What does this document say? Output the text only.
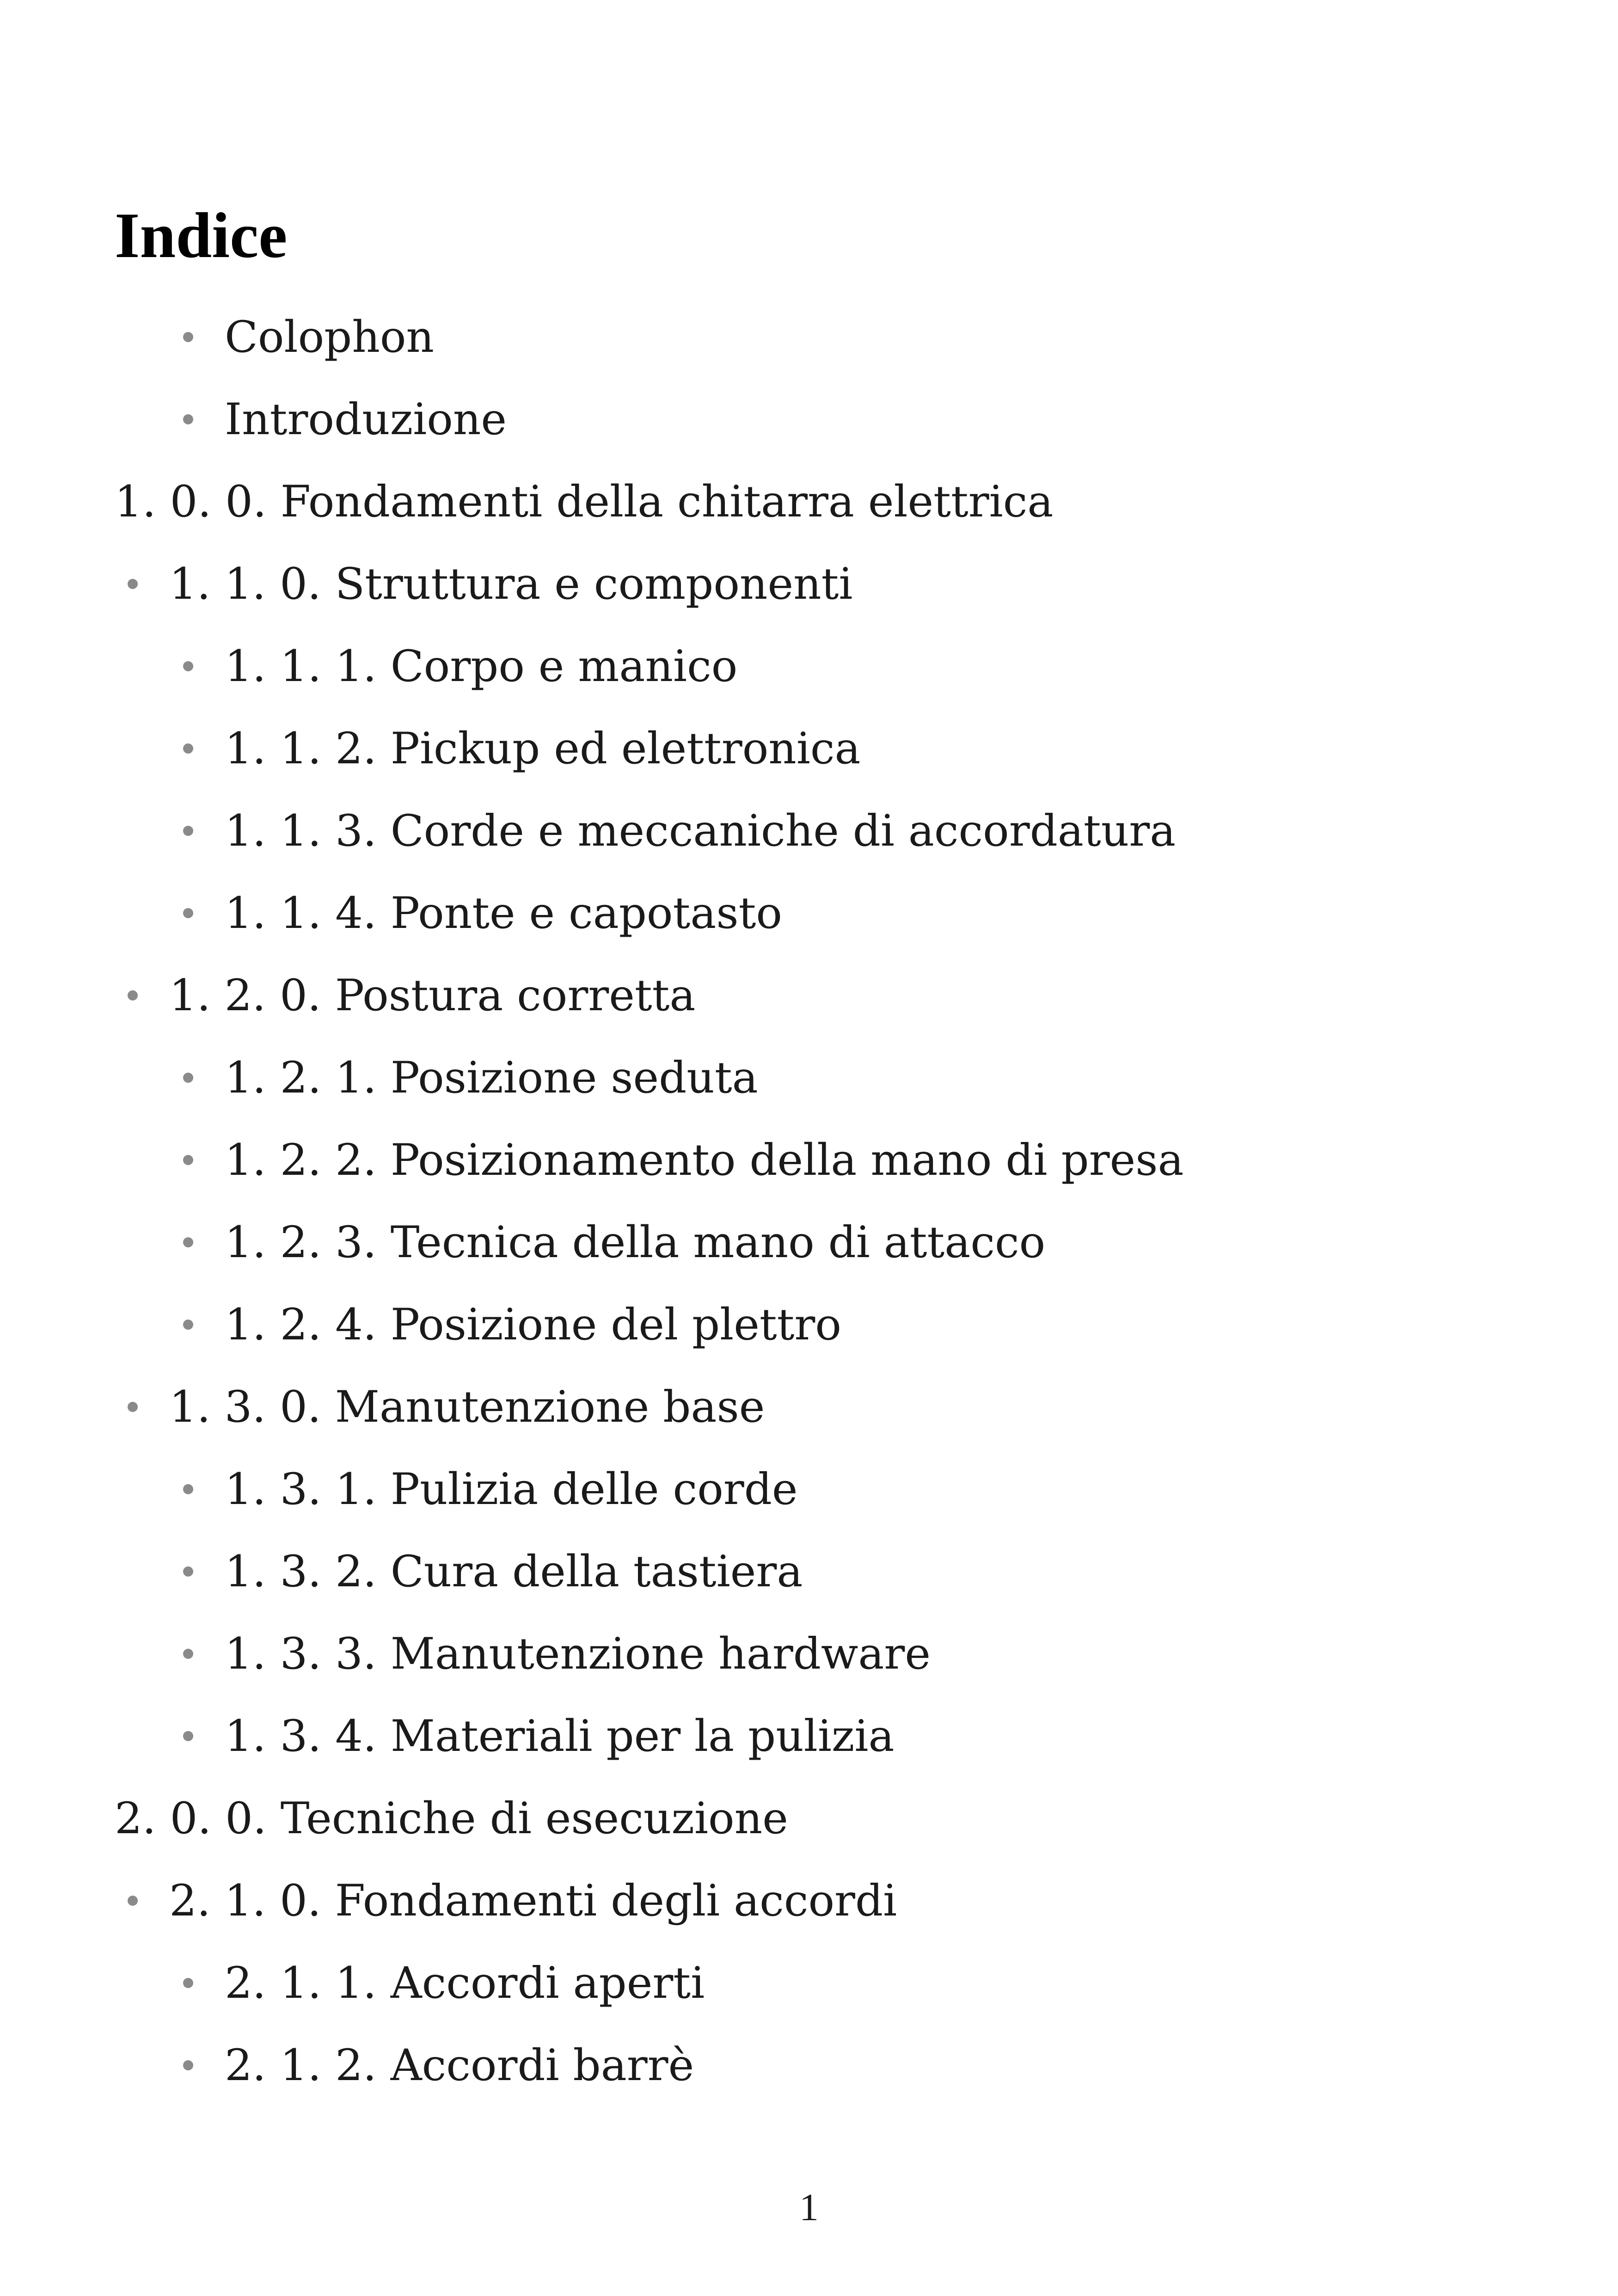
Indice
Colophon
Introduzione
1. 0. 0. Fondamenti della chitarra elettrica
1. 1. 0. Struttura e componenti
1. 1. 1. Corpo e manico
1. 1. 2. Pickup ed elettronica
1. 1. 3. Corde e meccaniche di accordatura
1. 1. 4. Ponte e capotasto
1. 2. 0. Postura corretta
1. 2. 1. Posizione seduta
1. 2. 2. Posizionamento della mano di presa
1. 2. 3. Tecnica della mano di attacco
1. 2. 4. Posizione del plettro
1. 3. 0. Manutenzione base
1. 3. 1. Pulizia delle corde
1. 3. 2. Cura della tastiera
1. 3. 3. Manutenzione hardware
1. 3. 4. Materiali per la pulizia
2. 0. 0. Tecniche di esecuzione
2. 1. 0. Fondamenti degli accordi
2. 1. 1. Accordi aperti
2. 1. 2. Accordi barrè
1
